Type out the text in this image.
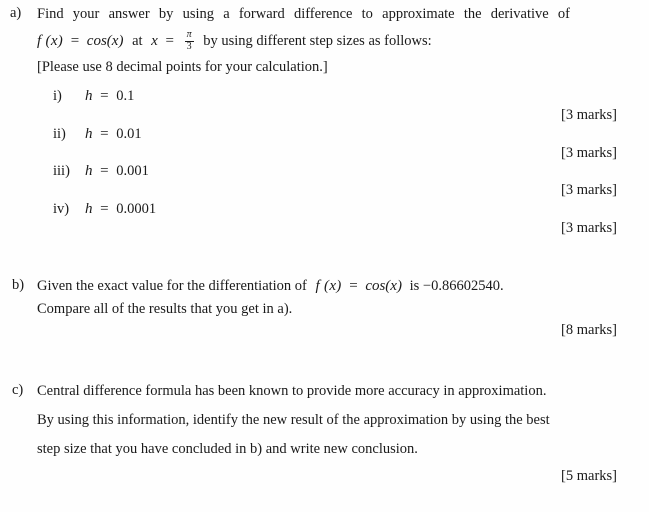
a)	Find your answer by using a forward difference to approximate the derivative of
f (x) = cos(x) at $x = \frac{\pi}{3}$ by using different step sizes as follows:
[Please use 8 decimal points for your calculation.]
i)	h = 0.1
ii)	h = 0.01
iii)	h = 0.001
iv)	h = 0.0001
[3 marks]
[3 marks]
[3 marks]
[3 marks]
b) Given the exact value for the differentiation of f (x) = cos(x) is −0.86602540.
Compare all of the results that you get in a).
[8 marks]
c) Central difference formula has been known to provide more accuracy in approximation.
By using this information, identify the new result of the approximation by using the best
step size that you have concluded in b) and write new conclusion.
[5 marks]
